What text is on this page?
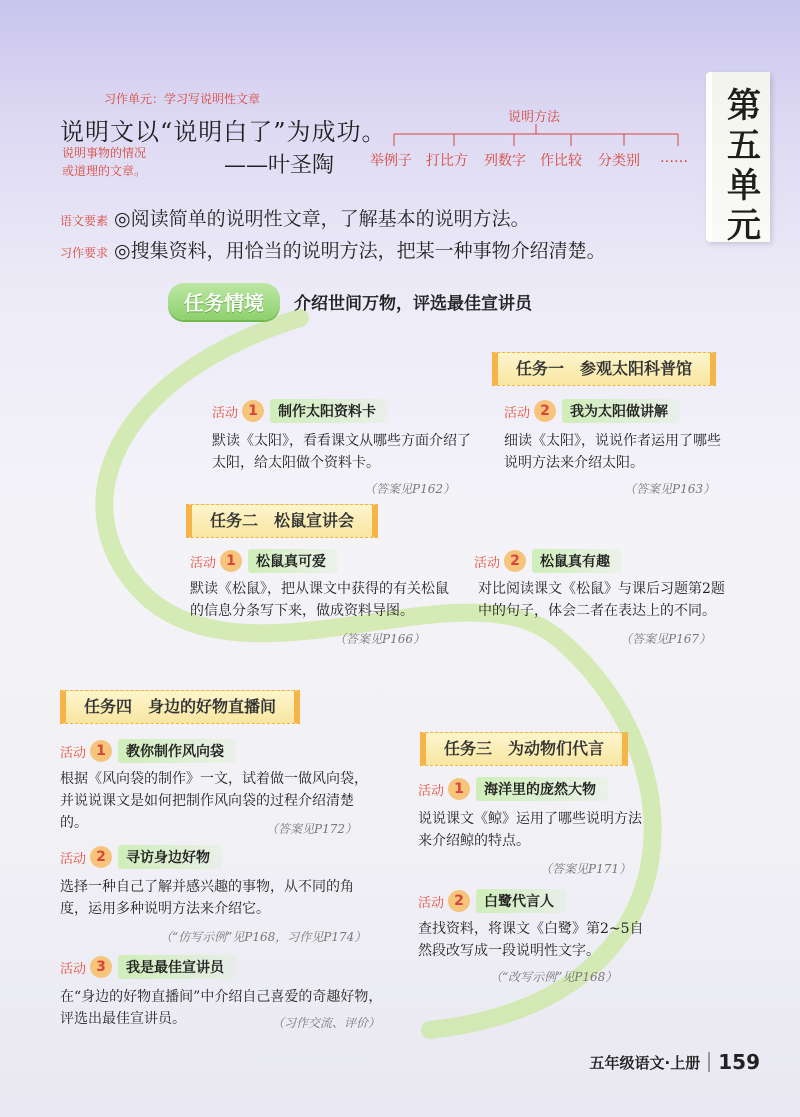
第
五
单
元
习作单元：学习写说明性文章
说明文以“说明白了”为成功。
——叶圣陶
说明事物的情况
或道理的文章。
说明方法
举例子 打比方 列数字 作比较 分类别 ……
语文要素 ◎阅读简单的说明性文章，了解基本的说明方法。
习作要求 ◎搜集资料，用恰当的说明方法，把某一种事物介绍清楚。
任务情境	介绍世间万物，评选最佳宣讲员
任务一　参观太阳科普馆
活动 1	制作太阳资料卡
默读《太阳》，看看课文从哪些方面介绍了太阳，给太阳做个资料卡。
（答案见P162）
活动 2	我为太阳做讲解
细读《太阳》，说说作者运用了哪些说明方法来介绍太阳。
（答案见P163）
任务二　松鼠宣讲会
活动 1	松鼠真可爱
默读《松鼠》，把从课文中获得的有关松鼠的信息分条写下来，做成资料导图。
（答案见P166）
活动 2	松鼠真有趣
对比阅读课文《松鼠》与课后习题第2题中的句子，体会二者在表达上的不同。
（答案见P167）
任务四　身边的好物直播间
活动 1	教你制作风向袋
根据《风向袋的制作》一文，试着做一做风向袋，并说说课文是如何把制作风向袋的过程介绍清楚的。	（答案见P172）
活动 2	寻访身边好物
选择一种自己了解并感兴趣的事物，从不同的角度，运用多种说明方法来介绍它。
（“仿写示例”见P168，习作见P174）
活动 3	我是最佳宣讲员
在“身边的好物直播间”中介绍自己喜爱的奇趣好物，评选出最佳宣讲员。	（习作交流、评价）
任务三　为动物们代言
活动 1	海洋里的庞然大物
说说课文《鲸》运用了哪些说明方法来介绍鲸的特点。
（答案见P171）
活动 2	白鹭代言人
查找资料，将课文《白鹭》第2~5自然段改写成一段说明性文字。
（“改写示例”见P168）
五年级语文·上册 159
